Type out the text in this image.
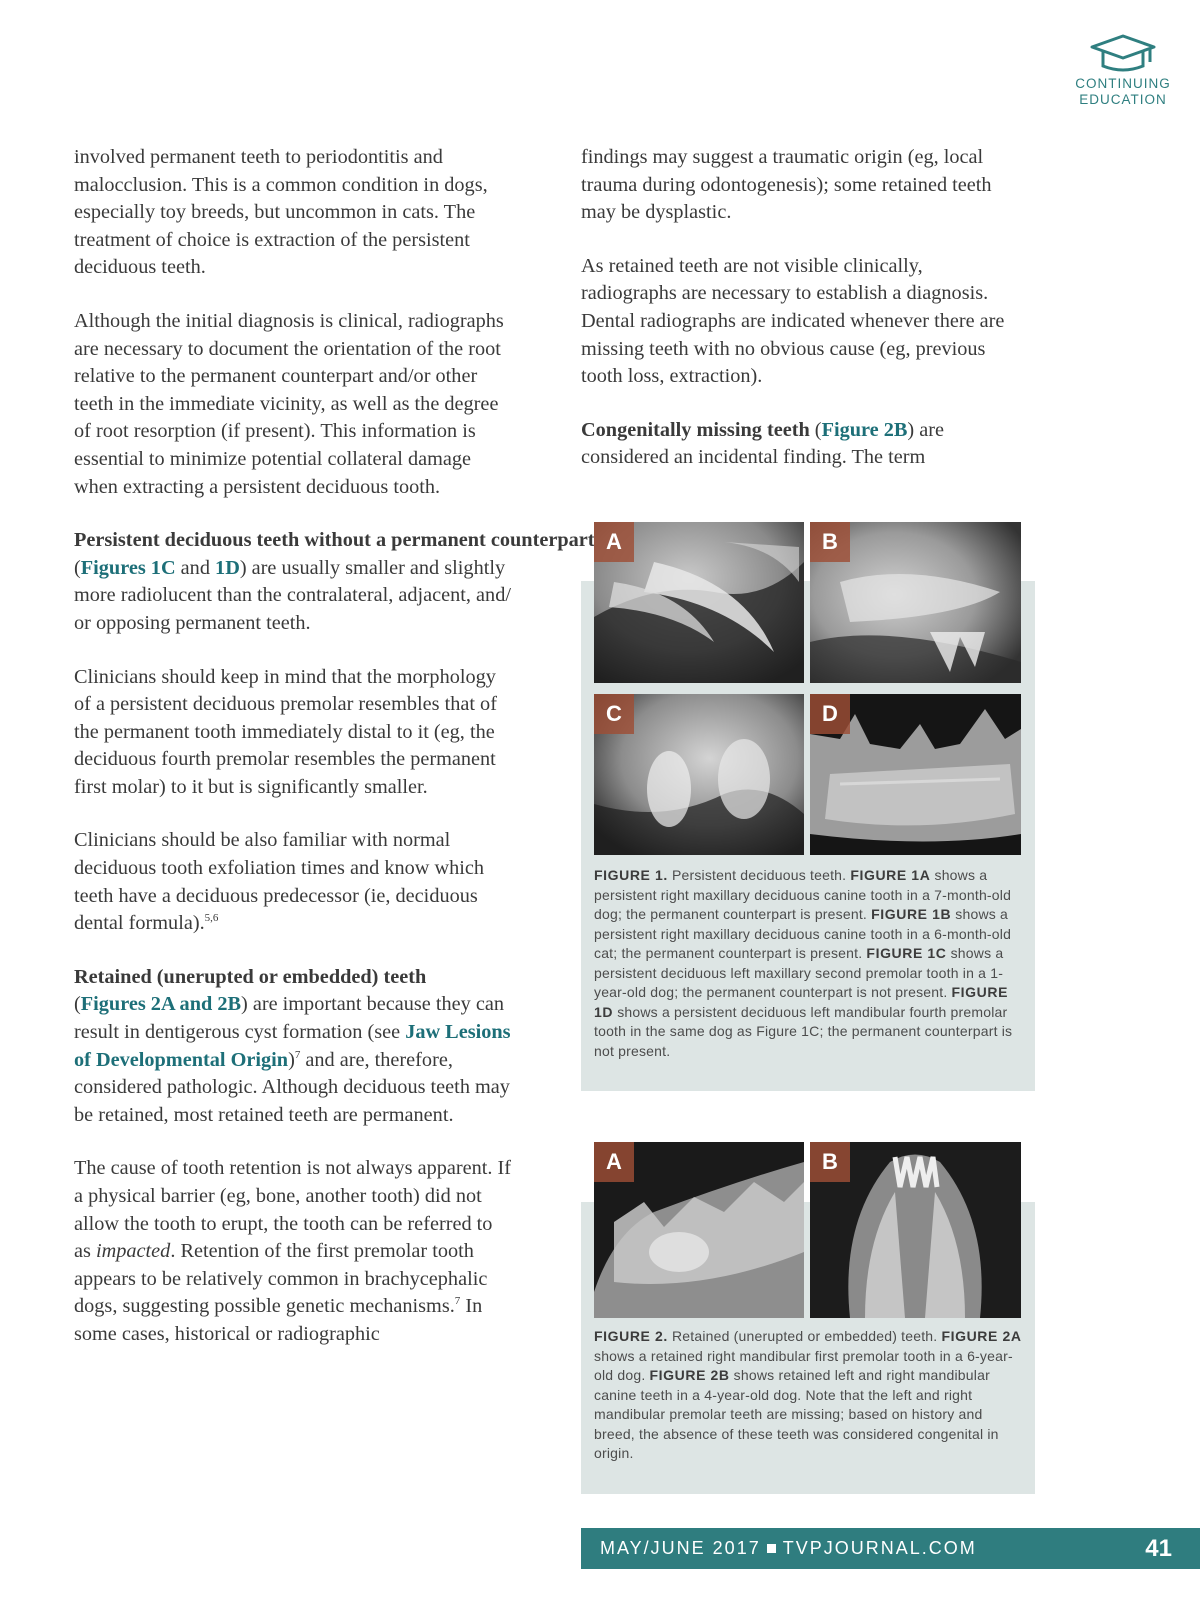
CONTINUING
EDUCATION

involved permanent teeth to periodontitis and malocclusion. This is a common condition in dogs, especially toy breeds, but uncommon in cats. The treatment of choice is extraction of the persistent deciduous teeth.

Although the initial diagnosis is clinical, radiographs are necessary to document the orientation of the root relative to the permanent counterpart and/or other teeth in the immediate vicinity, as well as the degree of root resorption (if present). This information is essential to minimize potential collateral damage when extracting a persistent deciduous tooth.

Persistent deciduous teeth without a permanent counterpart (Figures 1C and 1D) are usually smaller and slightly more radiolucent than the contralateral, adjacent, and/ or opposing permanent teeth.

Clinicians should keep in mind that the morphology of a persistent deciduous premolar resembles that of the permanent tooth immediately distal to it (eg, the deciduous fourth premolar resembles the permanent first molar) to it but is significantly smaller.

Clinicians should be also familiar with normal deciduous tooth exfoliation times and know which teeth have a deciduous predecessor (ie, deciduous dental formula).$^{5,6}$

Retained (unerupted or embedded) teeth
(Figures 2A and 2B) are important because they can result in dentigerous cyst formation (see Jaw Lesions of Developmental Origin)$^7$ and are, therefore, considered pathologic. Although deciduous teeth may be retained, most retained teeth are permanent.

The cause of tooth retention is not always apparent. If a physical barrier (eg, bone, another tooth) did not allow the tooth to erupt, the tooth can be referred to as impacted. Retention of the first premolar tooth appears to be relatively common in brachycephalic dogs, suggesting possible genetic mechanisms.$^7$ In some cases, historical or radiographic

findings may suggest a traumatic origin (eg, local trauma during odontogenesis); some retained teeth may be dysplastic.

As retained teeth are not visible clinically, radiographs are necessary to establish a diagnosis. Dental radiographs are indicated whenever there are missing teeth with no obvious cause (eg, previous tooth loss, extraction).

Congenitally missing teeth (Figure 2B) are considered an incidental finding. The term

A	B
C	D
FIGURE 1. Persistent deciduous teeth. FIGURE 1A shows a persistent right maxillary deciduous canine tooth in a 7-month-old dog; the permanent counterpart is present. FIGURE 1B shows a persistent right maxillary deciduous canine tooth in a 6-month-old cat; the permanent counterpart is present. FIGURE 1C shows a persistent deciduous left maxillary second premolar tooth in a 1-year-old dog; the permanent counterpart is not present. FIGURE 1D shows a persistent deciduous left mandibular fourth premolar tooth in the same dog as Figure 1C; the permanent counterpart is not present.
A	B
FIGURE 2. Retained (unerupted or embedded) teeth. FIGURE 2A shows a retained right mandibular first premolar tooth in a 6-year-old dog. FIGURE 2B shows retained left and right mandibular canine teeth in a 4-year-old dog. Note that the left and right mandibular premolar teeth are missing; based on history and breed, the absence of these teeth was considered congenital in origin.
MAY/JUNE 2017 TVPJOURNAL.COM	41
